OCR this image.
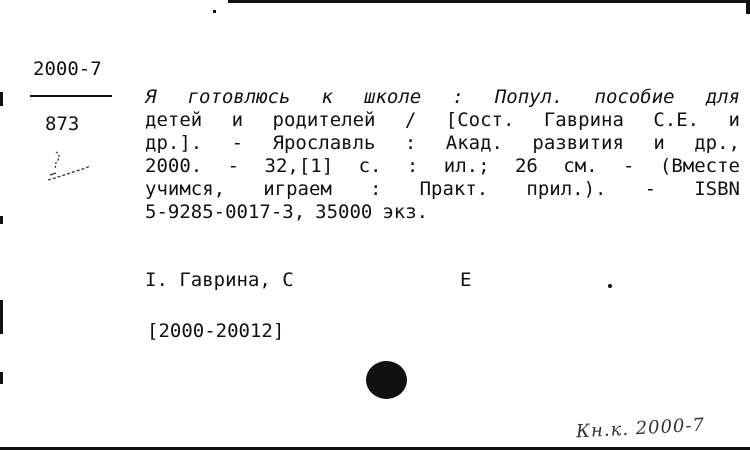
2000-7
873
Я готовлюсь к школе : Попул. пособие для
детей и родителей / [Сост. Гаврина С.Е. и
др.]. - Ярославль : Акад. развития и др.,
2000. - 32,[1] с. : ил.; 26 см. - (Вместе
учимся, играем : Практ. прил.). - ISBN
5-9285-0017-3, 35000 экз.
I. Гаврина, С	Е
[2000-20012]
Кн.к. 2000-7
